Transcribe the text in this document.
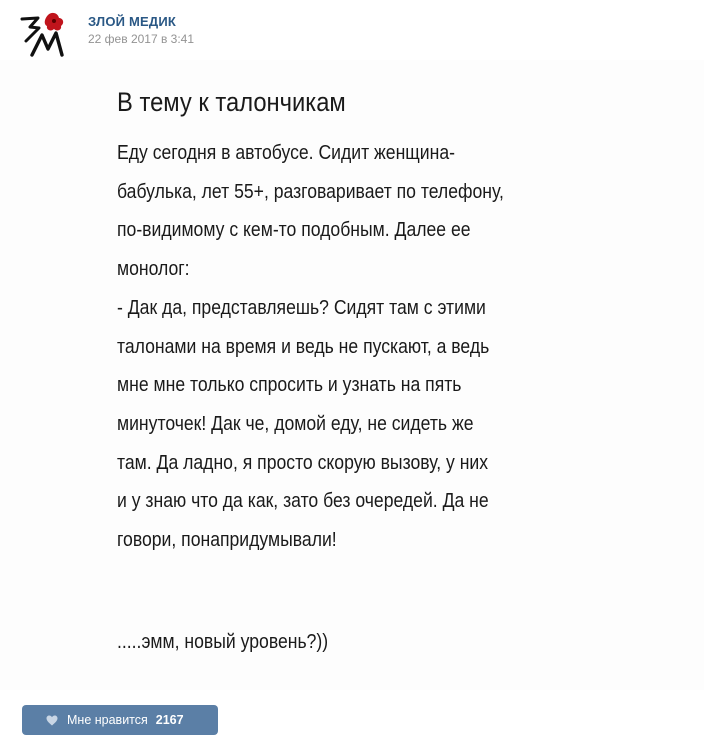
ЗЛОЙ МЕДИК
22 фев 2017 в 3:41
В тему к талончикам

Еду сегодня в автобусе. Сидит женщина-
бабулька, лет 55+, разговаривает по телефону,
по-видимому с кем-то подобным. Далее ее
монолог:
- Дак да, представляешь? Сидят там с этими
талонами на время и ведь не пускают, а ведь
мне мне только спросить и узнать на пять
минуточек! Дак че, домой еду, не сидеть же
там. Да ладно, я просто скорую вызову, у них
и у знаю что да как, зато без очередей. Да не
говори, понапридумывали!

.....эмм, новый уровень?))
Мне нравится 2167
